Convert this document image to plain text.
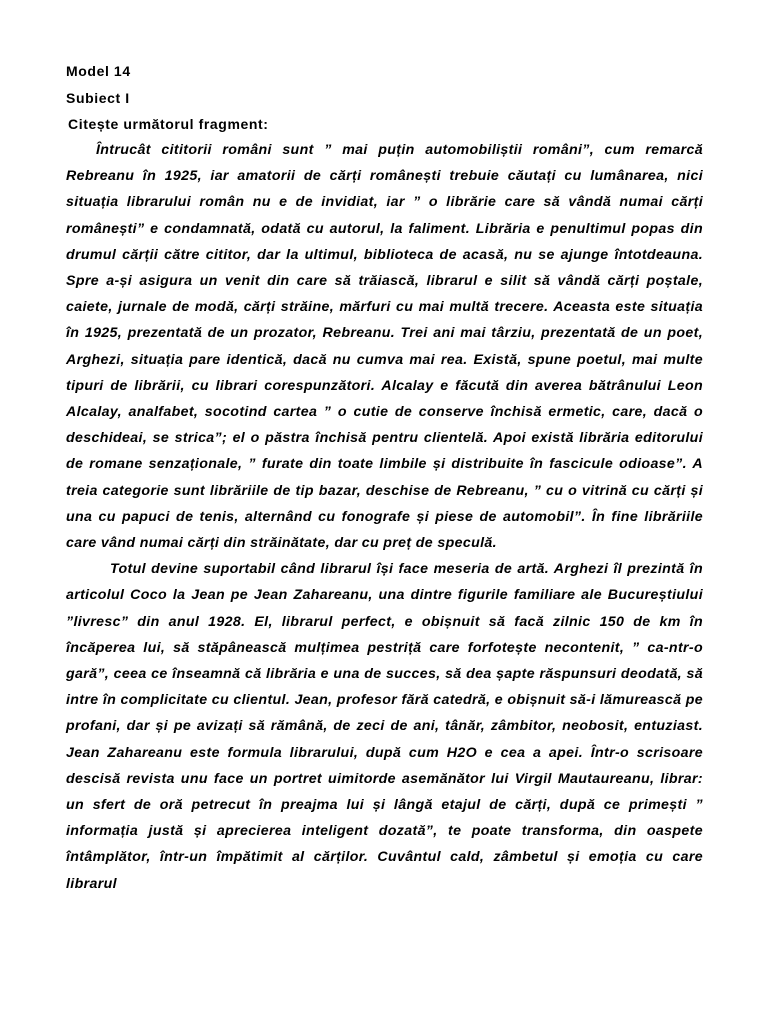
Model 14
Subiect I
Citește următorul fragment:

Întrucât cititorii români sunt ” mai puțin automobiliștii români”, cum remarcă Rebreanu în 1925, iar amatorii de cărți românești trebuie căutați cu lumânarea, nici situația librarului român nu e de invidiat, iar ” o librărie care să vândă numai cărți românești” e condamnată, odată cu autorul, la faliment. Librăria e penultimul popas din drumul cărții către cititor, dar la ultimul, biblioteca de acasă, nu se ajunge întotdeauna. Spre a-și asigura un venit din care să trăiască, librarul e silit să vândă cărți poștale, caiete, jurnale de modă, cărți străine, mărfuri cu mai multă trecere. Aceasta este situația în 1925, prezentată de un prozator, Rebreanu. Trei ani mai târziu, prezentată de un poet, Arghezi, situația pare identică, dacă nu cumva mai rea. Există, spune poetul, mai multe tipuri de librării, cu librari corespunzători. Alcalay e făcută din averea bătrânului Leon Alcalay, analfabet, socotind cartea ” o cutie de conserve închisă ermetic, care, dacă o deschideai, se strica”; el o păstra închisă pentru clientelă. Apoi există librăria editorului de romane senzaționale, ” furate din toate limbile și distribuite în fascicule odioase”. A treia categorie sunt librăriile de tip bazar, deschise de Rebreanu, ” cu o vitrină cu cărți și una cu papuci de tenis, alternând cu fonografe și piese de automobil”. În fine librăriile care vând numai cărți din străinătate, dar cu preț de speculă.

Totul devine suportabil când librarul își face meseria de artă. Arghezi îl prezintă în articolul Coco la Jean pe Jean Zahareanu, una dintre figurile familiare ale Bucureștiului ”livresc” din anul 1928. El, librarul perfect, e obișnuit să facă zilnic 150 de km în încăperea lui, să stăpânească mulțimea pestriță care forfotește necontenit, ” ca-ntr-o gară”, ceea ce înseamnă că librăria e una de succes, să dea șapte răspunsuri deodată, să intre în complicitate cu clientul. Jean, profesor fără catedră, e obișnuit să-i lămurească pe profani, dar și pe avizați să rămână, de zeci de ani, tânăr, zâmbitor, neobosit, entuziast. Jean Zahareanu este formula librarului, după cum H2O e cea a apei. Într-o scrisoare descisă revista unu face un portret uimitorde asemănător lui Virgil Mautaureanu, librar: un sfert de oră petrecut în preajma lui și lângă etajul de cărți, după ce primești ” informația justă și aprecierea inteligent dozată”, te poate transforma, din oaspete întâmplător, într-un împătimit al cărților. Cuvântul cald, zâmbetul și emoția cu care librarul
